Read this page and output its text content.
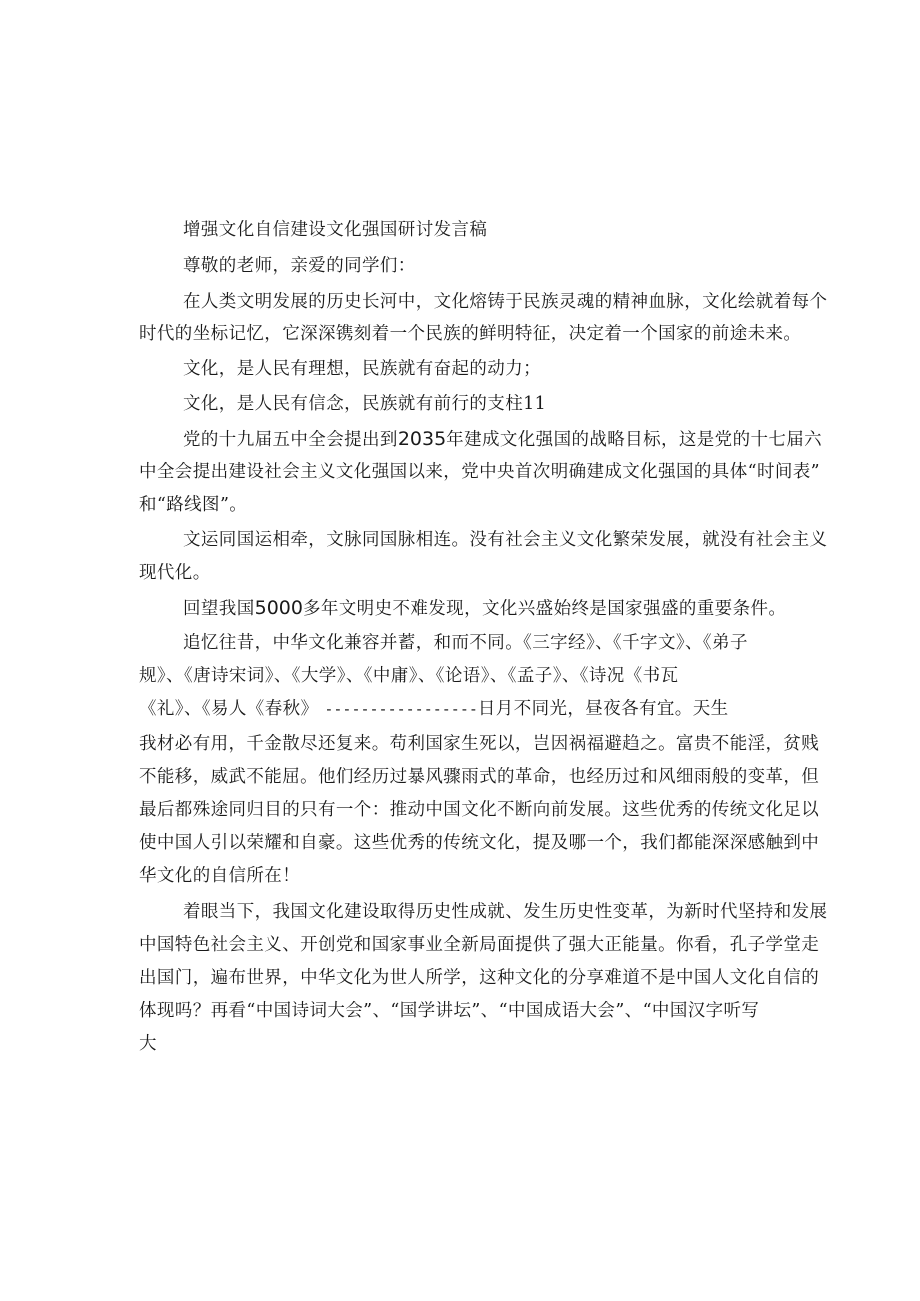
增强文化自信建设文化强国研讨发言稿
尊敬的老师，亲爱的同学们：
在人类文明发展的历史长河中，文化熔铸于民族灵魂的精神血脉，文化绘就着每个
时代的坐标记忆，它深深镌刻着一个民族的鲜明特征，决定着一个国家的前途未来。
文化，是人民有理想，民族就有奋起的动力；
文化，是人民有信念，民族就有前行的支柱11
党的十九届五中全会提出到2035年建成文化强国的战略目标，这是党的十七届六
中全会提出建设社会主义文化强国以来，党中央首次明确建成文化强国的具体“时间表”
和“路线图”。
文运同国运相牵，文脉同国脉相连。没有社会主义文化繁荣发展，就没有社会主义
现代化。
回望我国5000多年文明史不难发现，文化兴盛始终是国家强盛的重要条件。
追忆往昔，中华文化兼容并蓄，和而不同。《三字经》、《千字文》、《弟子
规》、《唐诗宋词》、《大学》、《中庸》、《论语》、《孟子》、《诗况《书瓦
《礼》、《易人《春秋》 -----------------日月不同光，昼夜各有宜。天生
我材必有用，千金散尽还复来。苟利国家生死以，岂因祸福避趋之。富贵不能淫，贫贱
不能移，威武不能屈。他们经历过暴风骤雨式的革命，也经历过和风细雨般的变革，但
最后都殊途同归目的只有一个：推动中国文化不断向前发展。这些优秀的传统文化足以
使中国人引以荣耀和自豪。这些优秀的传统文化，提及哪一个，我们都能深深感触到中
华文化的自信所在！
着眼当下，我国文化建设取得历史性成就、发生历史性变革，为新时代坚持和发展
中国特色社会主义、开创党和国家事业全新局面提供了强大正能量。你看，孔子学堂走
出国门，遍布世界，中华文化为世人所学，这种文化的分享难道不是中国人文化自信的
体现吗？再看“中国诗词大会”、“国学讲坛”、“中国成语大会”、“中国汉字听写
大
